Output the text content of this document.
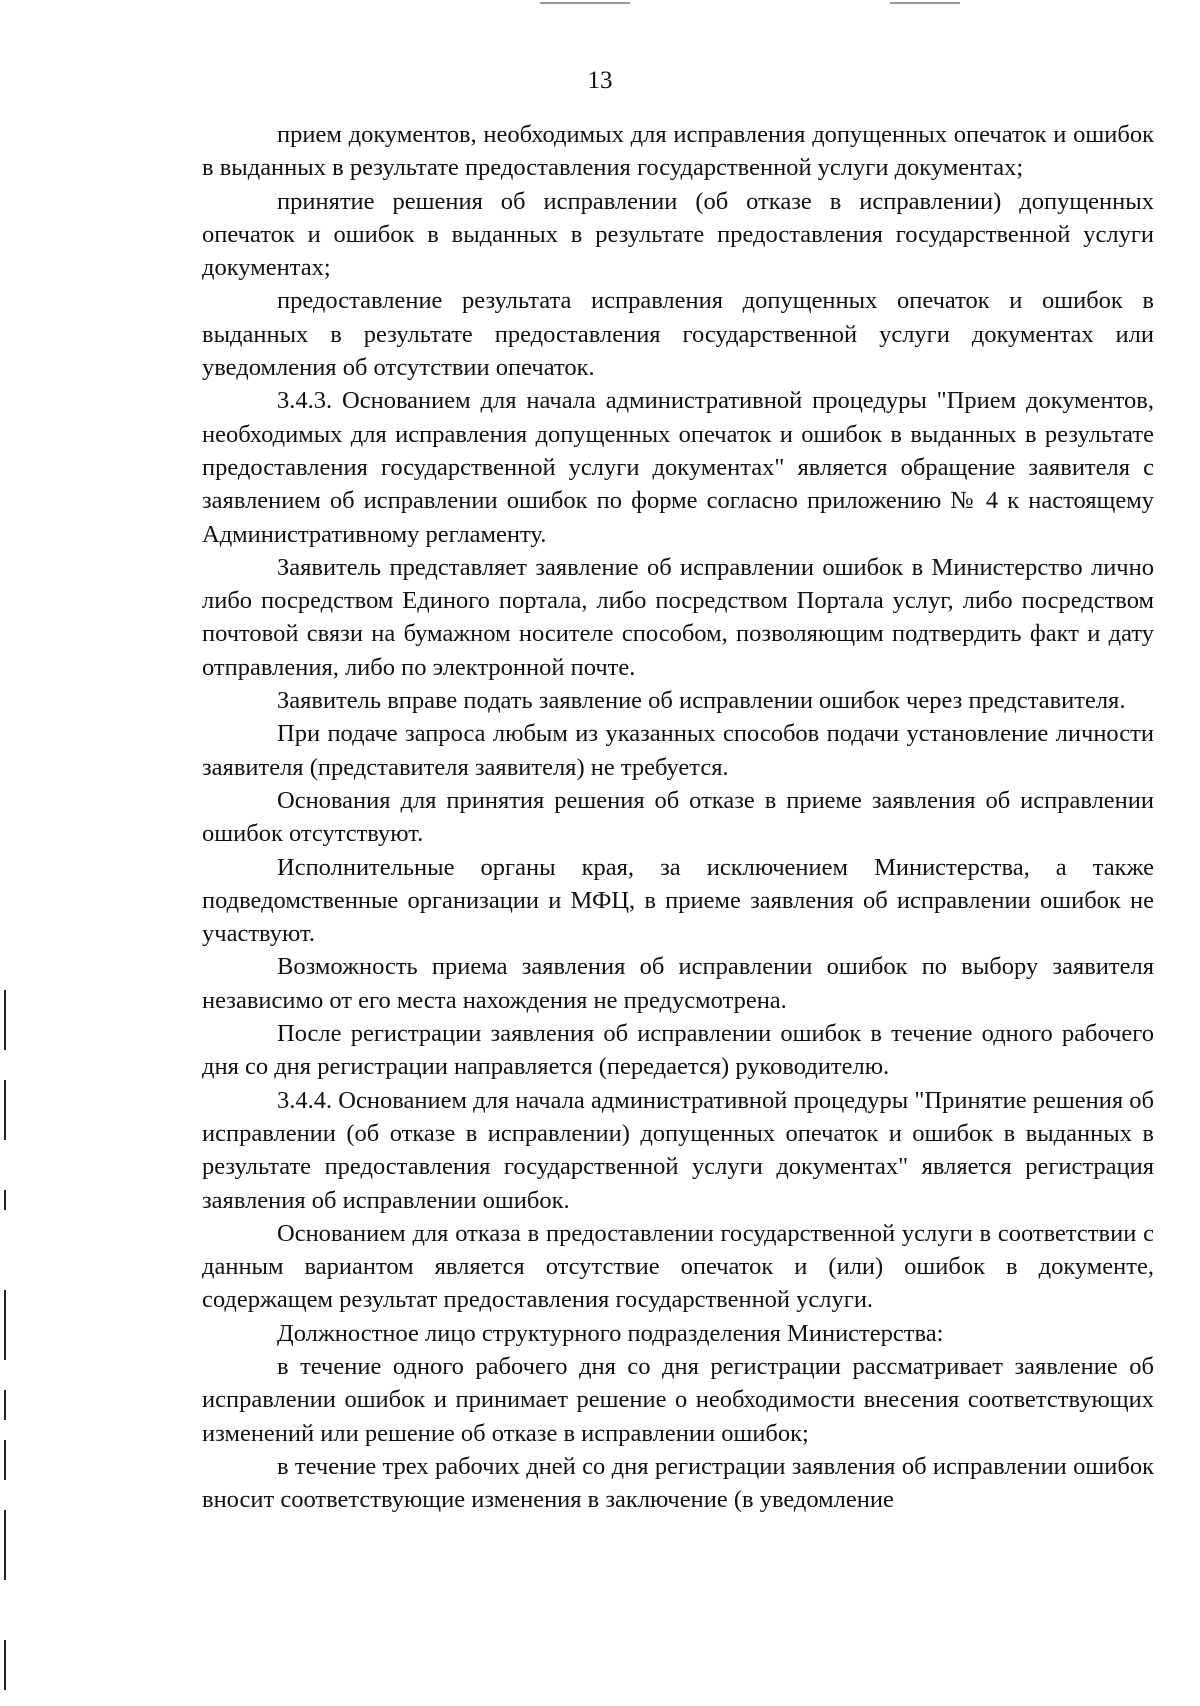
13

прием документов, необходимых для исправления допущенных опечаток и ошибок в выданных в результате предоставления государственной услуги документах;

принятие решения об исправлении (об отказе в исправлении) допущенных опечаток и ошибок в выданных в результате предоставления государственной услуги документах;

предоставление результата исправления допущенных опечаток и ошибок в выданных в результате предоставления государственной услуги документах или уведомления об отсутствии опечаток.

3.4.3. Основанием для начала административной процедуры "Прием документов, необходимых для исправления допущенных опечаток и ошибок в выданных в результате предоставления государственной услуги документах" является обращение заявителя с заявлением об исправлении ошибок по форме согласно приложению № 4 к настоящему Административному регламенту.

Заявитель представляет заявление об исправлении ошибок в Министерство лично либо посредством Единого портала, либо посредством Портала услуг, либо посредством почтовой связи на бумажном носителе способом, позволяющим подтвердить факт и дату отправления, либо по электронной почте.

Заявитель вправе подать заявление об исправлении ошибок через представителя.

При подаче запроса любым из указанных способов подачи установление личности заявителя (представителя заявителя) не требуется.

Основания для принятия решения об отказе в приеме заявления об исправлении ошибок отсутствуют.

Исполнительные органы края, за исключением Министерства, а также подведомственные организации и МФЦ, в приеме заявления об исправлении ошибок не участвуют.

Возможность приема заявления об исправлении ошибок по выбору заявителя независимо от его места нахождения не предусмотрена.

После регистрации заявления об исправлении ошибок в течение одного рабочего дня со дня регистрации направляется (передается) руководителю.

3.4.4. Основанием для начала административной процедуры "Принятие решения об исправлении (об отказе в исправлении) допущенных опечаток и ошибок в выданных в результате предоставления государственной услуги документах" является регистрация заявления об исправлении ошибок.

Основанием для отказа в предоставлении государственной услуги в соответствии с данным вариантом является отсутствие опечаток и (или) ошибок в документе, содержащем результат предоставления государственной услуги.

Должностное лицо структурного подразделения Министерства:

в течение одного рабочего дня со дня регистрации рассматривает заявление об исправлении ошибок и принимает решение о необходимости внесения соответствующих изменений или решение об отказе в исправлении ошибок;

в течение трех рабочих дней со дня регистрации заявления об исправлении ошибок вносит соответствующие изменения в заключение (в уведомление
